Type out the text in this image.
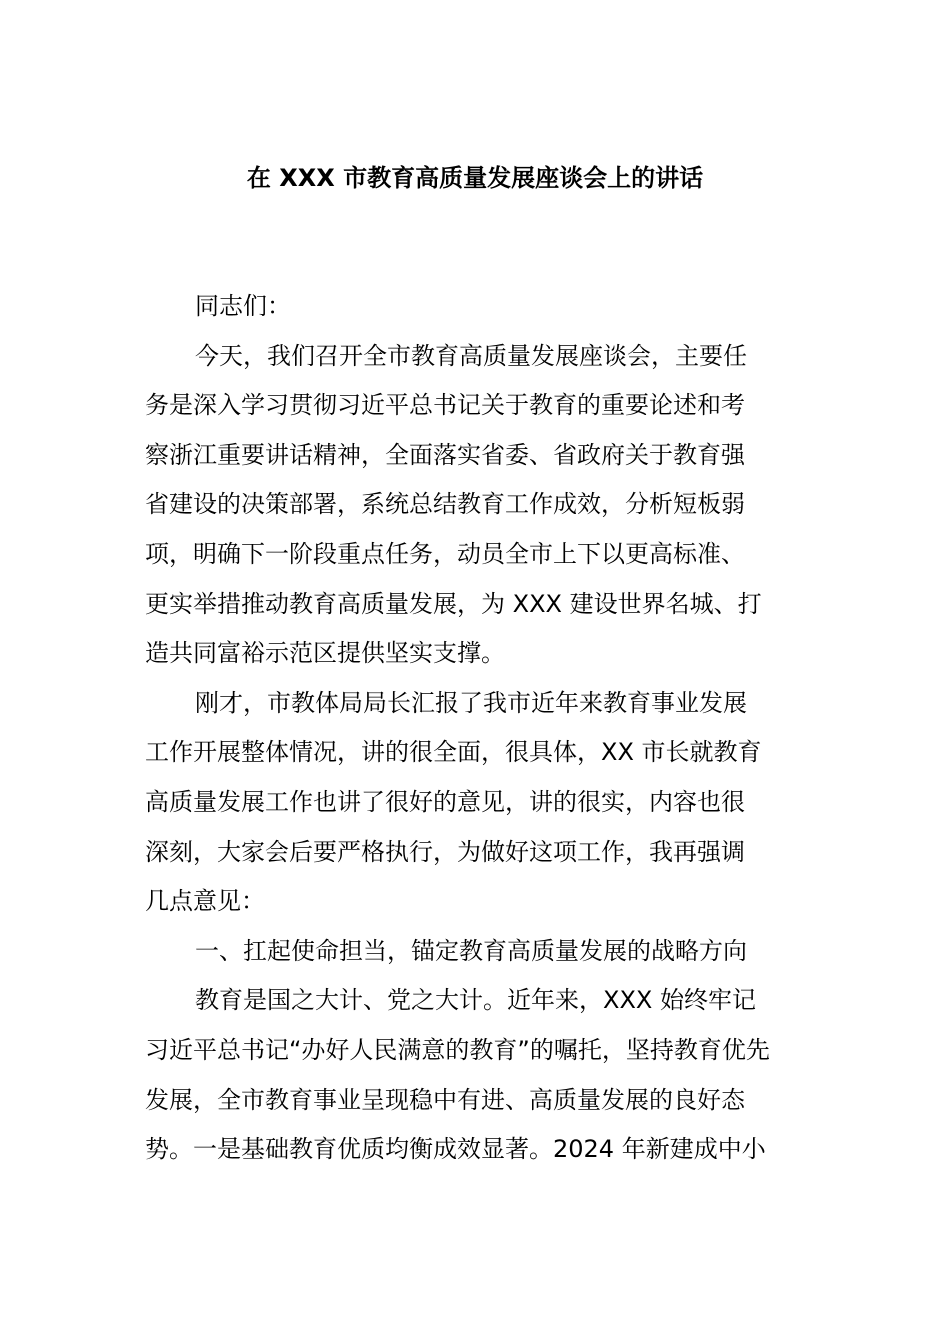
在 XXX 市教育高质量发展座谈会上的讲话

同志们：

今天，我们召开全市教育高质量发展座谈会，主要任

务是深入学习贯彻习近平总书记关于教育的重要论述和考

察浙江重要讲话精神，全面落实省委、省政府关于教育强

省建设的决策部署，系统总结教育工作成效，分析短板弱

项，明确下一阶段重点任务，动员全市上下以更高标准、

更实举措推动教育高质量发展，为 XXX 建设世界名城、打

造共同富裕示范区提供坚实支撑。

刚才，市教体局局长汇报了我市近年来教育事业发展

工作开展整体情况，讲的很全面，很具体，XX 市长就教育

高质量发展工作也讲了很好的意见，讲的很实，内容也很

深刻，大家会后要严格执行，为做好这项工作，我再强调

几点意见：

一、扛起使命担当，锚定教育高质量发展的战略方向

教育是国之大计、党之大计。近年来，XXX 始终牢记

习近平总书记“办好人民满意的教育”的嘱托，坚持教育优先

发展，全市教育事业呈现稳中有进、高质量发展的良好态

势。一是基础教育优质均衡成效显著。2024 年新建成中小
